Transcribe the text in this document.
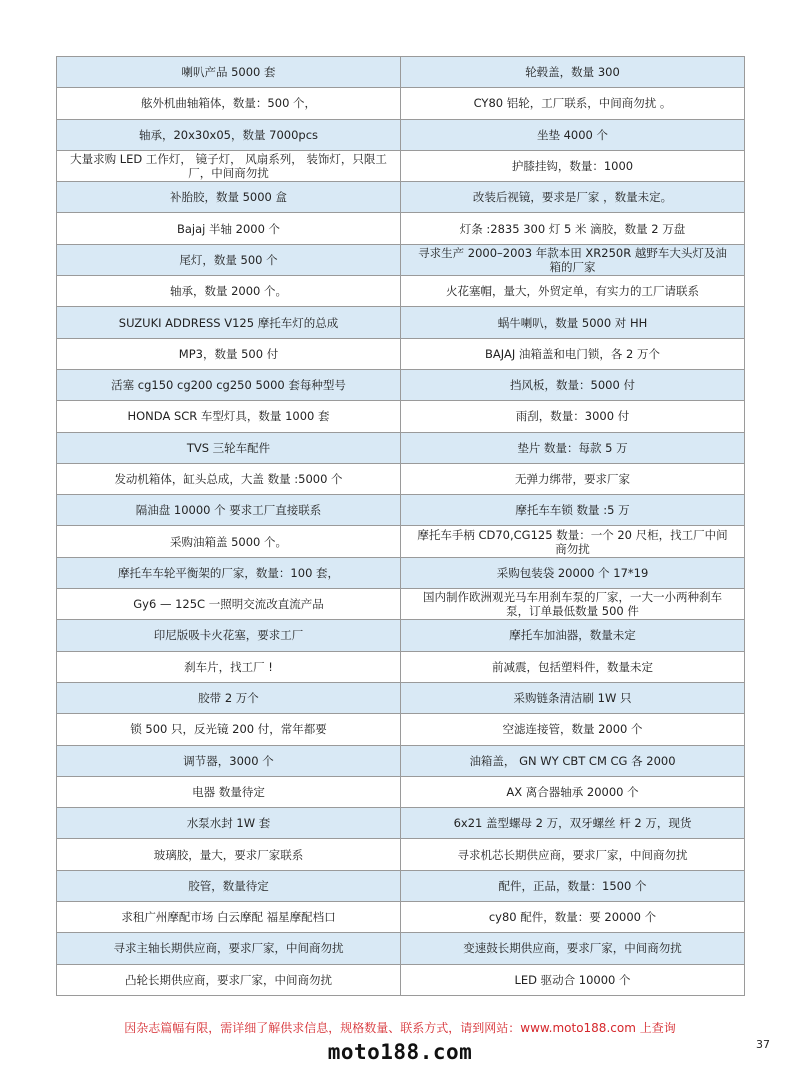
喇叭产品 5000 套	轮毂盖，数量 300
舷外机曲轴箱体，数量：500 个，	CY80 铝轮，工厂联系，中间商勿扰 。
轴承，20x30x05，数量 7000pcs	坐垫 4000 个
大量求购 LED 工作灯， 镜子灯， 风扇系列， 装饰灯，只限工厂，中间商勿扰	护膝挂钩，数量：1000
补胎胶，数量 5000 盒	改装后视镜，要求是厂家 ，数量未定。
Bajaj 半轴 2000 个	灯条 :2835 300 灯 5 米 滴胶，数量 2 万盘
尾灯，数量 500 个	寻求生产 2000–2003 年款本田 XR250R 越野车大头灯及油箱的厂家
轴承，数量 2000 个。	火花塞帽，量大，外贸定单，有实力的工厂请联系
SUZUKI ADDRESS V125 摩托车灯的总成	蜗牛喇叭，数量 5000 对 HH
MP3，数量 500 付	BAJAJ 油箱盖和电门锁，各 2 万个
活塞 cg150 cg200 cg250 5000 套每种型号	挡风板，数量：5000 付
HONDA SCR 车型灯具，数量 1000 套	雨刮，数量：3000 付
TVS 三轮车配件	垫片 数量：每款 5 万
发动机箱体，缸头总成，大盖 数量 :5000 个	无弹力绑带，要求厂家
隔油盘 10000 个 要求工厂直接联系	摩托车车锁 数量 :5 万
采购油箱盖 5000 个。	摩托车手柄 CD70,CG125 数量：一个 20 尺柜，找工厂中间商勿扰
摩托车车轮平衡架的厂家，数量：100 套，	采购包装袋 20000 个 17*19
Gy6 — 125C 一照明交流改直流产品	国内制作欧洲观光马车用刹车泵的厂家，一大一小两种刹车泵，订单最低数量 500 件
印尼版吸卡火花塞，要求工厂	摩托车加油器，数量未定
刹车片，找工厂 !	前减震，包括塑料件，数量未定
胶带 2 万个	采购链条清洁刷 1W 只
锁 500 只，反光镜 200 付，常年都要	空滤连接管，数量 2000 个
调节器，3000 个	油箱盖， GN WY CBT CM CG 各 2000
电器 数量待定	AX 离合器轴承 20000 个
水泵水封 1W 套	6x21 盖型螺母 2 万，双牙螺丝 杆 2 万，现货
玻璃胶，量大，要求厂家联系	寻求机芯长期供应商，要求厂家，中间商勿扰
胶管，数量待定	配件，正品，数量：1500 个
求租广州摩配市场 白云摩配 福星摩配档口	cy80 配件，数量：要 20000 个
寻求主轴长期供应商，要求厂家，中间商勿扰	变速鼓长期供应商，要求厂家，中间商勿扰
凸轮长期供应商，要求厂家，中间商勿扰	LED 驱动合 10000 个
因杂志篇幅有限，需详细了解供求信息，规格数量、联系方式，请到网站：www.moto188.com 上查询
moto188.com	37
